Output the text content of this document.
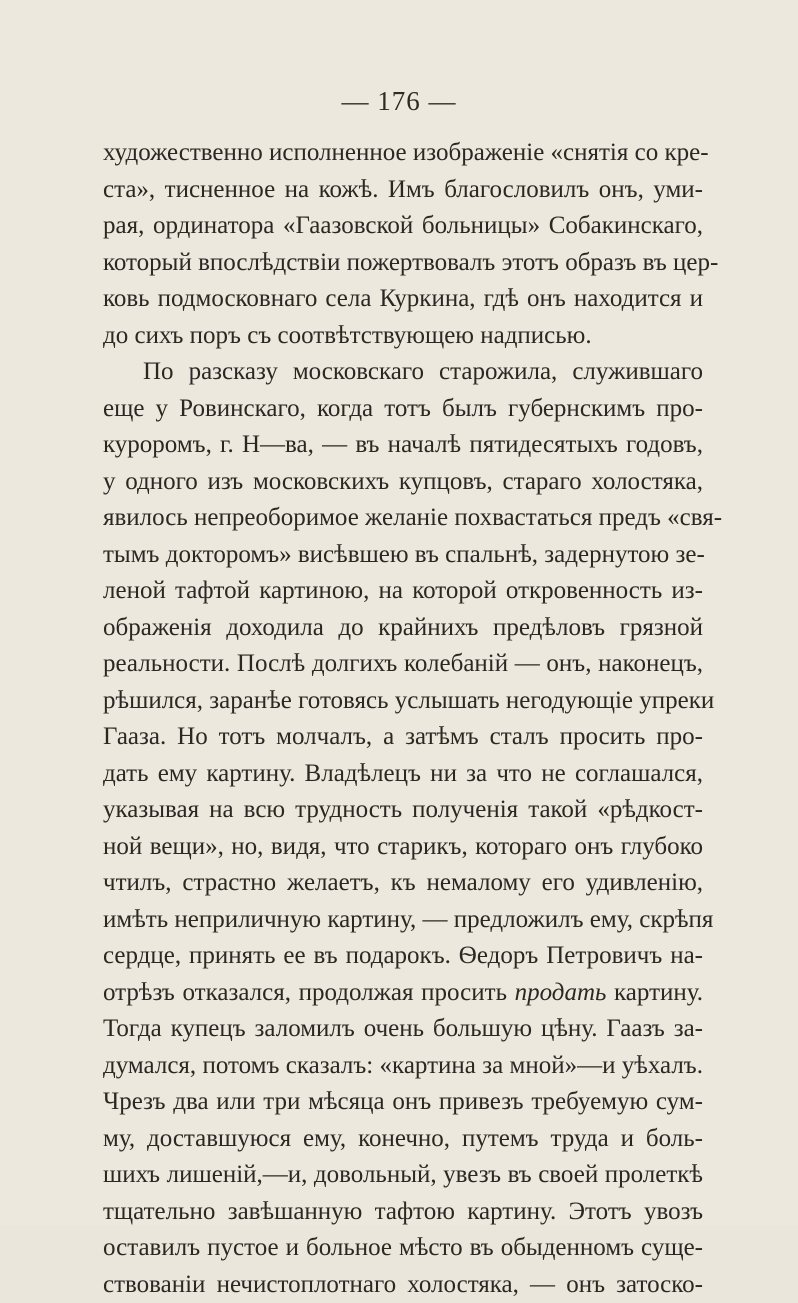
— 176 —
художественно исполненное изображеніе «снятія со кре-
ста», тисненное на кожѣ. Имъ благословилъ онъ, уми-
рая, ординатора «Гаазовской больницы» Собакинскаго,
который впослѣдствіи пожертвовалъ этотъ образъ въ цер-
ковь подмосковнаго села Куркина, гдѣ онъ находится и
до сихъ поръ съ соотвѣтствующею надписью.
По разсказу московскаго старожила, служившаго
еще у Ровинскаго, когда тотъ былъ губернскимъ про-
куроромъ, г. Н—ва, — въ началѣ пятидесятыхъ годовъ,
у одного изъ московскихъ купцовъ, стараго холостяка,
явилось непреоборимое желаніе похвастаться предъ «свя-
тымъ докторомъ» висѣвшею въ спальнѣ, задернутою зе-
леной тафтой картиною, на которой откровенность из-
ображенія доходила до крайнихъ предѣловъ грязной
реальности. Послѣ долгихъ колебаній — онъ, наконецъ,
рѣшился, заранѣе готовясь услышать негодующіе упреки
Гааза. Но тотъ молчалъ, а затѣмъ сталъ просить про-
дать ему картину. Владѣлецъ ни за что не соглашался,
указывая на всю трудность полученія такой «рѣдкост-
ной вещи», но, видя, что старикъ, котораго онъ глубоко
чтилъ, страстно желаетъ, къ немалому его удивленію,
имѣть неприличную картину, — предложилъ ему, скрѣпя
сердце, принять ее въ подарокъ. Ѳедоръ Петровичъ на-
отрѣзъ отказался, продолжая просить продать картину.
Тогда купецъ заломилъ очень большую цѣну. Гаазъ за-
думался, потомъ сказалъ: «картина за мной»—и уѣхалъ.
Чрезъ два или три мѣсяца онъ привезъ требуемую сум-
му, доставшуюся ему, конечно, путемъ труда и боль-
шихъ лишеній,—и, довольный, увезъ въ своей пролеткѣ
тщательно завѣшанную тафтою картину. Этотъ увозъ
оставилъ пустое и больное мѣсто въ обыденномъ суще-
ствованіи нечистоплотнаго холостяка, — онъ затоско-
